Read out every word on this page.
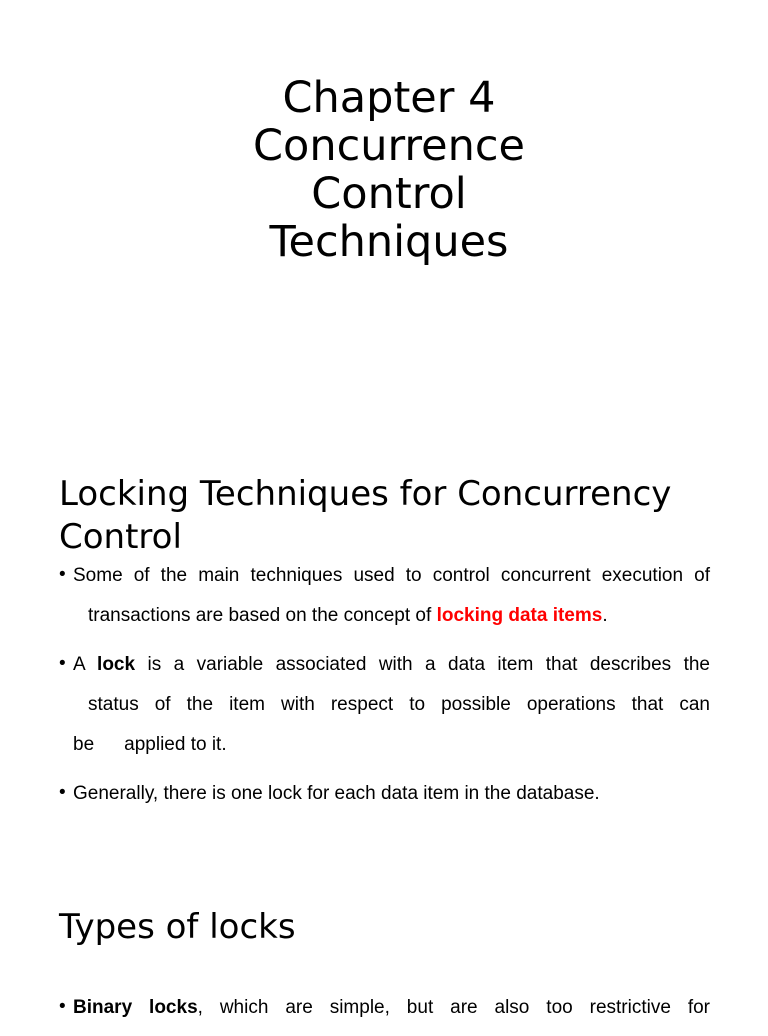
Chapter 4
Concurrence
Control
Techniques
Locking Techniques for Concurrency
Control
• Some of the main techniques used to control concurrent execution of
transactions are based on the concept of locking data items.
• A lock is a variable associated with a data item that describes the
status of the item with respect to possible operations that can
be applied to it.
• Generally, there is one lock for each data item in the database.
Types of locks
• Binary locks, which are simple, but are also too restrictive for
